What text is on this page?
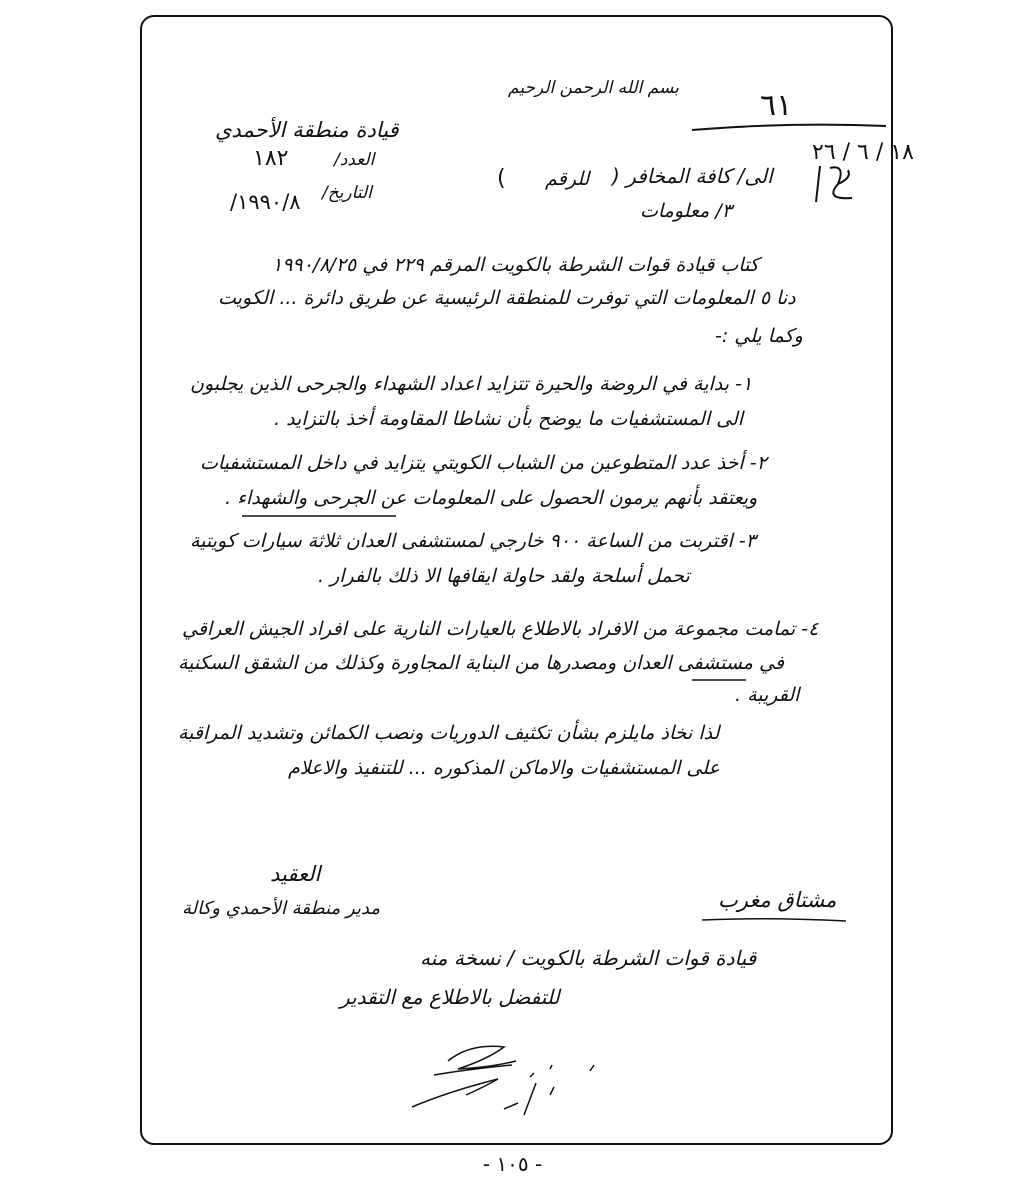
بسم الله الرحمن الرحيم	٦١
١٨ / ٦ / ٢٦
قيادة منطقة الأحمدي
العدد/
١٨٢
التاريخ/
١٩٩٠/٨/
الى/ كافة المخافر (
للرقم
)
٣/ معلومات
كتاب قيادة قوات الشرطة بالكويت المرقم ٢٢٩ في ١٩٩٠/٨/٢٥
دنا ٥ المعلومات التي توفرت للمنطقة الرئيسية عن طريق دائرة ... الكويت
وكما يلي :-
١- بداية في الروضة والحيرة تتزايد اعداد الشهداء والجرحى الذين يجلبون
الى المستشفيات ما يوضح بأن نشاطا المقاومة أخذ بالتزايد .
٢- أخذ عدد المتطوعين من الشباب الكويتي يتزايد في داخل المستشفيات
ويعتقد بأنهم يرمون الحصول على المعلومات عن الجرحى والشهداء .
٣- اقتربت من الساعة ٩٠٠ خارجي لمستشفى العدان ثلاثة سيارات كويتية
تحمل أسلحة ولقد حاولة ايقافها الا ذلك بالفرار .
٤- تمامت مجموعة من الافراد بالاطلاع بالعيارات النارية على افراد الجيش العراقي
في مستشفى العدان ومصدرها من البناية المجاورة وكذلك من الشقق السكنية
القريبة .
لذا نخاذ مايلزم بشأن تكثيف الدوريات ونصب الكمائن وتشديد المراقبة
على المستشفيات والاماكن المذكوره ... للتنفيذ والاعلام
العقيد
مدير منطقة الأحمدي وكالة	مشتاق مغرب
قيادة قوات الشرطة بالكويت / نسخة منه
للتفضل بالاطلاع مع التقدير
- ١٠٥ -
